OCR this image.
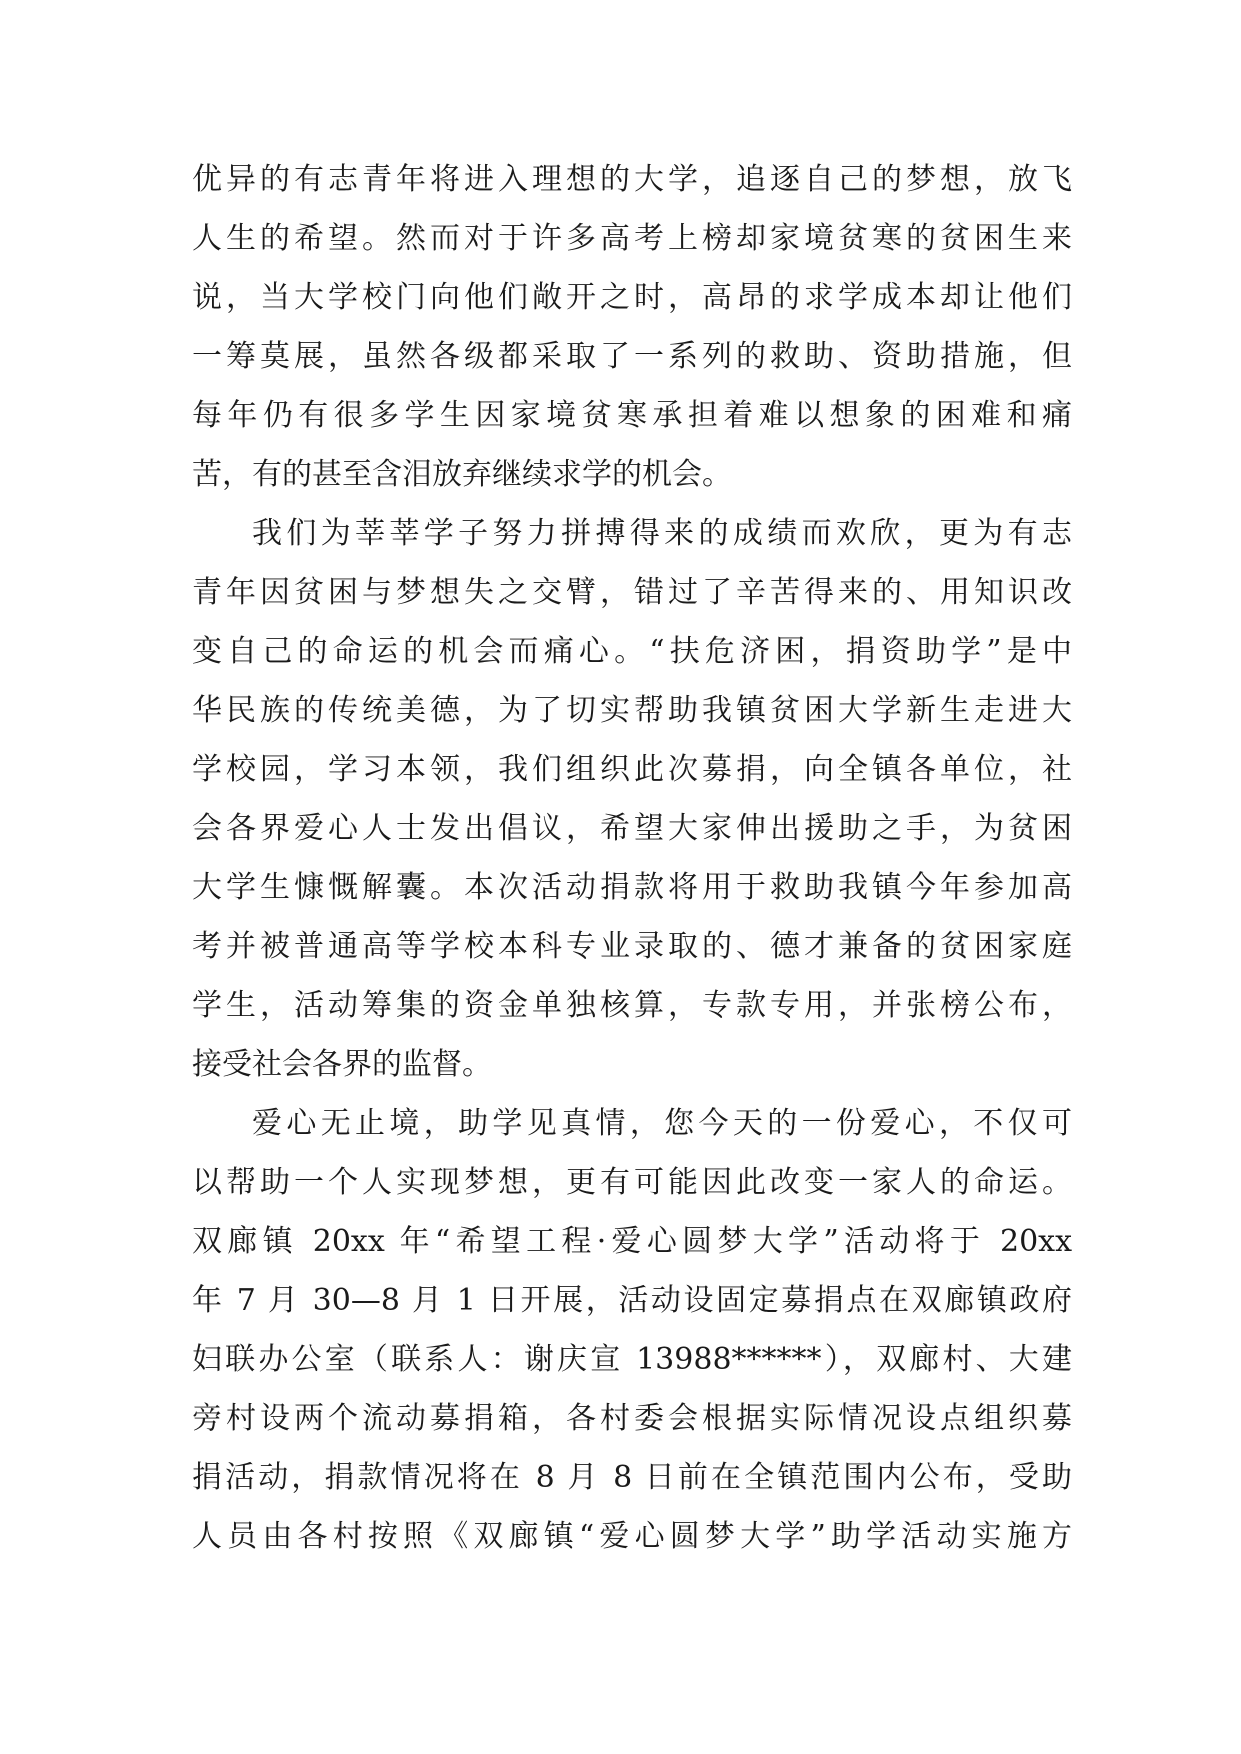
优异的有志青年将进入理想的大学，追逐自己的梦想，放飞
人生的希望。然而对于许多高考上榜却家境贫寒的贫困生来
说，当大学校门向他们敞开之时，高昂的求学成本却让他们
一筹莫展，虽然各级都采取了一系列的救助、资助措施，但
每年仍有很多学生因家境贫寒承担着难以想象的困难和痛
苦，有的甚至含泪放弃继续求学的机会。
我们为莘莘学子努力拼搏得来的成绩而欢欣，更为有志
青年因贫困与梦想失之交臂，错过了辛苦得来的、用知识改
变自己的命运的机会而痛心。“扶危济困，捐资助学”是中
华民族的传统美德，为了切实帮助我镇贫困大学新生走进大
学校园，学习本领，我们组织此次募捐，向全镇各单位，社
会各界爱心人士发出倡议，希望大家伸出援助之手，为贫困
大学生慷慨解囊。本次活动捐款将用于救助我镇今年参加高
考并被普通高等学校本科专业录取的、德才兼备的贫困家庭
学生，活动筹集的资金单独核算，专款专用，并张榜公布，
接受社会各界的监督。
爱心无止境，助学见真情，您今天的一份爱心，不仅可
以帮助一个人实现梦想，更有可能因此改变一家人的命运。
双廊镇 20xx 年“希望工程·爱心圆梦大学”活动将于 20xx
年 7 月 30—8 月 1 日开展，活动设固定募捐点在双廊镇政府
妇联办公室（联系人：谢庆宣 13988******），双廊村、大建
旁村设两个流动募捐箱，各村委会根据实际情况设点组织募
捐活动，捐款情况将在 8 月 8 日前在全镇范围内公布，受助
人员由各村按照《双廊镇“爱心圆梦大学”助学活动实施方
